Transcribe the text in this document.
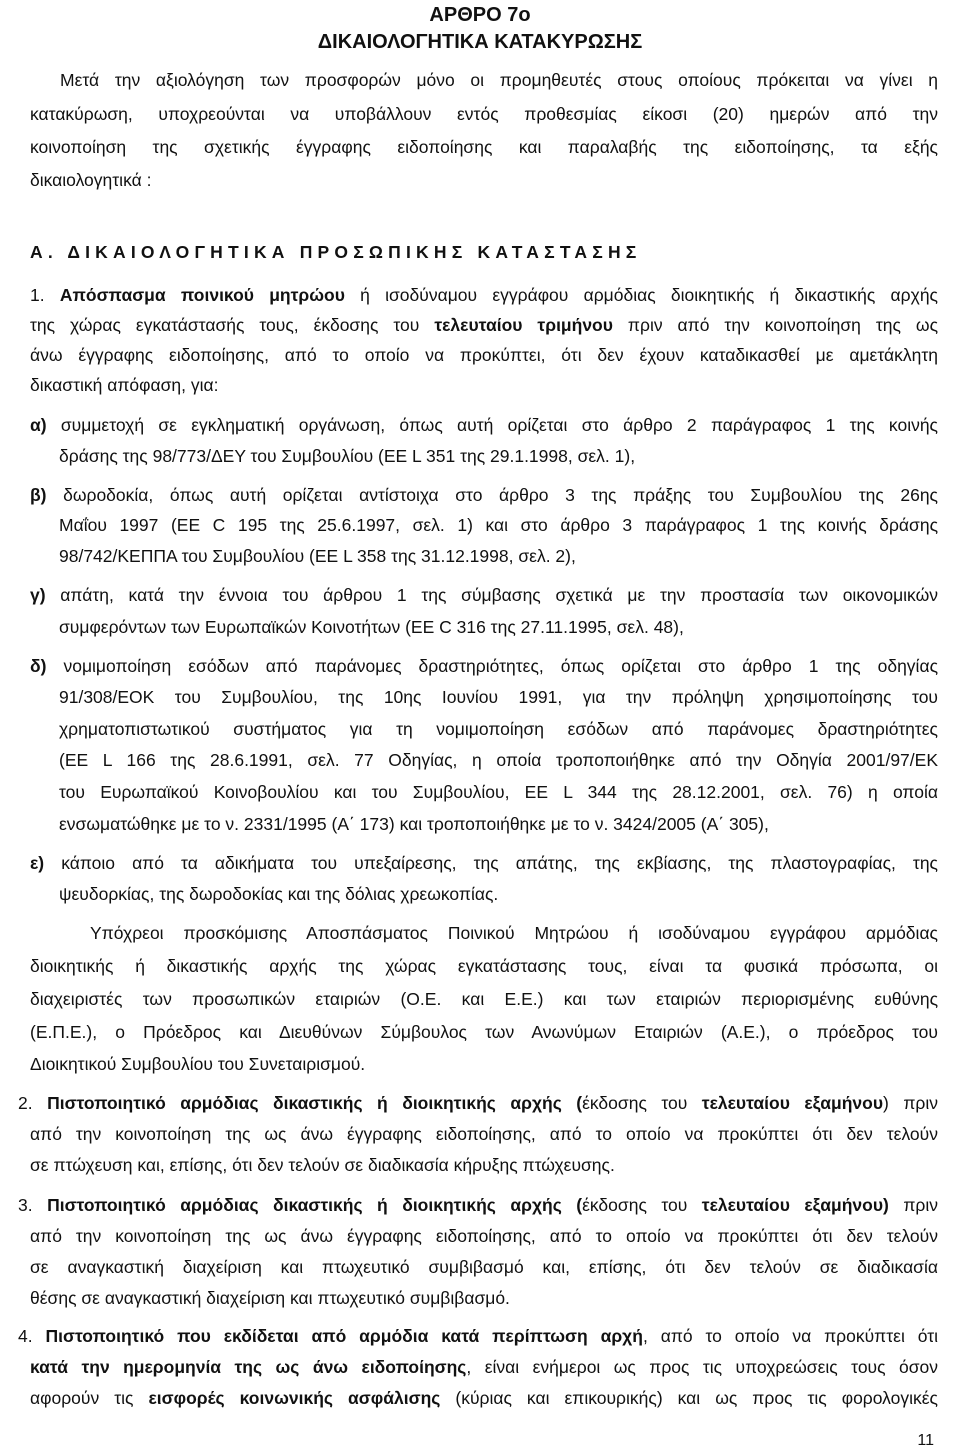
ΑΡΘΡΟ 7ο
ΔΙΚΑΙΟΛΟΓΗΤΙΚΑ ΚΑΤΑΚΥΡΩΣΗΣ
Μετά την αξιολόγηση των προσφορών μόνο οι προμηθευτές στους οποίους πρόκειται να γίνει η
κατακύρωση, υποχρεούνται να υποβάλλουν εντός προθεσμίας είκοσι (20) ημερών από την
κοινοποίηση της σχετικής έγγραφης ειδοποίησης και παραλαβής της ειδοποίησης, τα εξής
δικαιολογητικά :
Α. ΔΙΚΑΙΟΛΟΓΗΤΙΚΑ ΠΡΟΣΩΠΙΚΗΣ ΚΑΤΑΣΤΑΣΗΣ
1. Απόσπασμα ποινικού μητρώου ή ισοδύναμου εγγράφου αρμόδιας διοικητικής ή δικαστικής αρχής
της χώρας εγκατάστασής τους, έκδοσης του τελευταίου τριμήνου πριν από την κοινοποίηση της ως
άνω έγγραφης ειδοποίησης, από το οποίο να προκύπτει, ότι δεν έχουν καταδικασθεί με αμετάκλητη
δικαστική απόφαση, για:
α) συμμετοχή σε εγκληματική οργάνωση, όπως αυτή ορίζεται στο άρθρο 2 παράγραφος 1 της κοινής
δράσης της 98/773/ΔΕΥ του Συμβουλίου (ΕΕ L 351 της 29.1.1998, σελ. 1),
β) δωροδοκία, όπως αυτή ορίζεται αντίστοιχα στο άρθρο 3 της πράξης του Συμβουλίου της 26ης
Μαΐου 1997 (ΕΕ C 195 της 25.6.1997, σελ. 1) και στο άρθρο 3 παράγραφος 1 της κοινής δράσης
98/742/ΚΕΠΠΑ του Συμβουλίου (ΕΕ L 358 της 31.12.1998, σελ. 2),
γ) απάτη, κατά την έννοια του άρθρου 1 της σύμβασης σχετικά με την προστασία των οικονομικών
συμφερόντων των Ευρωπαϊκών Κοινοτήτων (ΕΕ C 316 της 27.11.1995, σελ. 48),
δ) νομιμοποίηση εσόδων από παράνομες δραστηριότητες, όπως ορίζεται στο άρθρο 1 της οδηγίας
91/308/ΕΟΚ του Συμβουλίου, της 10ης Ιουνίου 1991, για την πρόληψη χρησιμοποίησης του
χρηματοπιστωτικού συστήματος για τη νομιμοποίηση εσόδων από παράνομες δραστηριότητες
(ΕΕ L 166 της 28.6.1991, σελ. 77 Οδηγίας, η οποία τροποποιήθηκε από την Οδηγία 2001/97/ΕΚ
του Ευρωπαϊκού Κοινοβουλίου και του Συμβουλίου, ΕΕ L 344 της 28.12.2001, σελ. 76) η οποία
ενσωματώθηκε με το ν. 2331/1995 (Α΄ 173) και τροποποιήθηκε με το ν. 3424/2005 (Α΄ 305),
ε) κάποιο από τα αδικήματα του υπεξαίρεσης, της απάτης, της εκβίασης, της πλαστογραφίας, της
ψευδορκίας, της δωροδοκίας και της δόλιας χρεωκοπίας.
Υπόχρεοι προσκόμισης Αποσπάσματος Ποινικού Μητρώου ή ισοδύναμου εγγράφου αρμόδιας
διοικητικής ή δικαστικής αρχής της χώρας εγκατάστασης τους, είναι τα φυσικά πρόσωπα, οι
διαχειριστές των προσωπικών εταιριών (Ο.Ε. και Ε.Ε.) και των εταιριών περιορισμένης ευθύνης
(Ε.Π.Ε.), ο Πρόεδρος και Διευθύνων Σύμβουλος των Ανωνύμων Εταιριών (Α.Ε.), ο πρόεδρος του
Διοικητικού Συμβουλίου του Συνεταιρισμού.
2. Πιστοποιητικό αρμόδιας δικαστικής ή διοικητικής αρχής (έκδοσης του τελευταίου εξαμήνου) πριν
από την κοινοποίηση της ως άνω έγγραφης ειδοποίησης, από το οποίο να προκύπτει ότι δεν τελούν
σε πτώχευση και, επίσης, ότι δεν τελούν σε διαδικασία κήρυξης πτώχευσης.
3. Πιστοποιητικό αρμόδιας δικαστικής ή διοικητικής αρχής (έκδοσης του τελευταίου εξαμήνου) πριν
από την κοινοποίηση της ως άνω έγγραφης ειδοποίησης, από το οποίο να προκύπτει ότι δεν τελούν
σε αναγκαστική διαχείριση και πτωχευτικό συμβιβασμό και, επίσης, ότι δεν τελούν σε διαδικασία
θέσης σε αναγκαστική διαχείριση και πτωχευτικό συμβιβασμό.
4. Πιστοποιητικό που εκδίδεται από αρμόδια κατά περίπτωση αρχή, από το οποίο να προκύπτει ότι
κατά την ημερομηνία της ως άνω ειδοποίησης, είναι ενήμεροι ως προς τις υποχρεώσεις τους όσον
αφορούν τις εισφορές κοινωνικής ασφάλισης (κύριας και επικουρικής) και ως προς τις φορολογικές
11
